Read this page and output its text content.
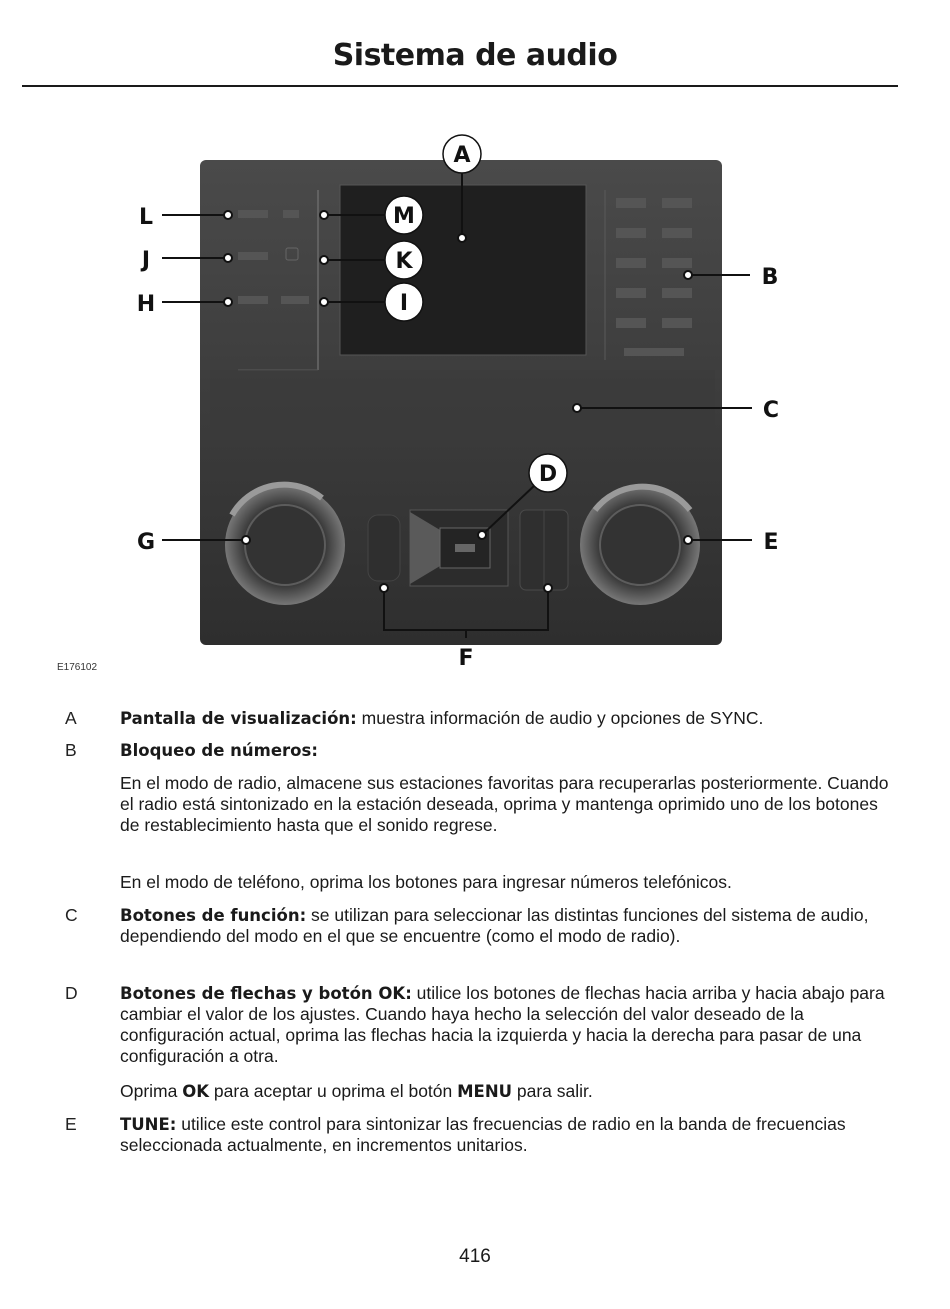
Sistema de audio
A
B
C
D
E
F
G
H	I
J	K
L	M
E176102
A	Pantalla de visualización: muestra información de audio y opciones de SYNC.
B	Bloqueo de números:

En el modo de radio, almacene sus estaciones favoritas para recuperarlas posteriormente. Cuando el radio está sintonizado en la estación deseada, oprima y mantenga oprimido uno de los botones de restablecimiento hasta que el sonido regrese.

En el modo de teléfono, oprima los botones para ingresar números telefónicos.

C	Botones de función: se utilizan para seleccionar las distintas funciones del sistema de audio, dependiendo del modo en el que se encuentre (como el modo de radio).
D	Botones de flechas y botón OK: utilice los botones de flechas hacia arriba y hacia abajo para cambiar el valor de los ajustes. Cuando haya hecho la selección del valor deseado de la configuración actual, oprima las flechas hacia la izquierda y hacia la derecha para pasar de una configuración a otra.

Oprima OK para aceptar u oprima el botón MENU para salir.

E	TUNE: utilice este control para sintonizar las frecuencias de radio en la banda de frecuencias seleccionada actualmente, en incrementos unitarios.
416
